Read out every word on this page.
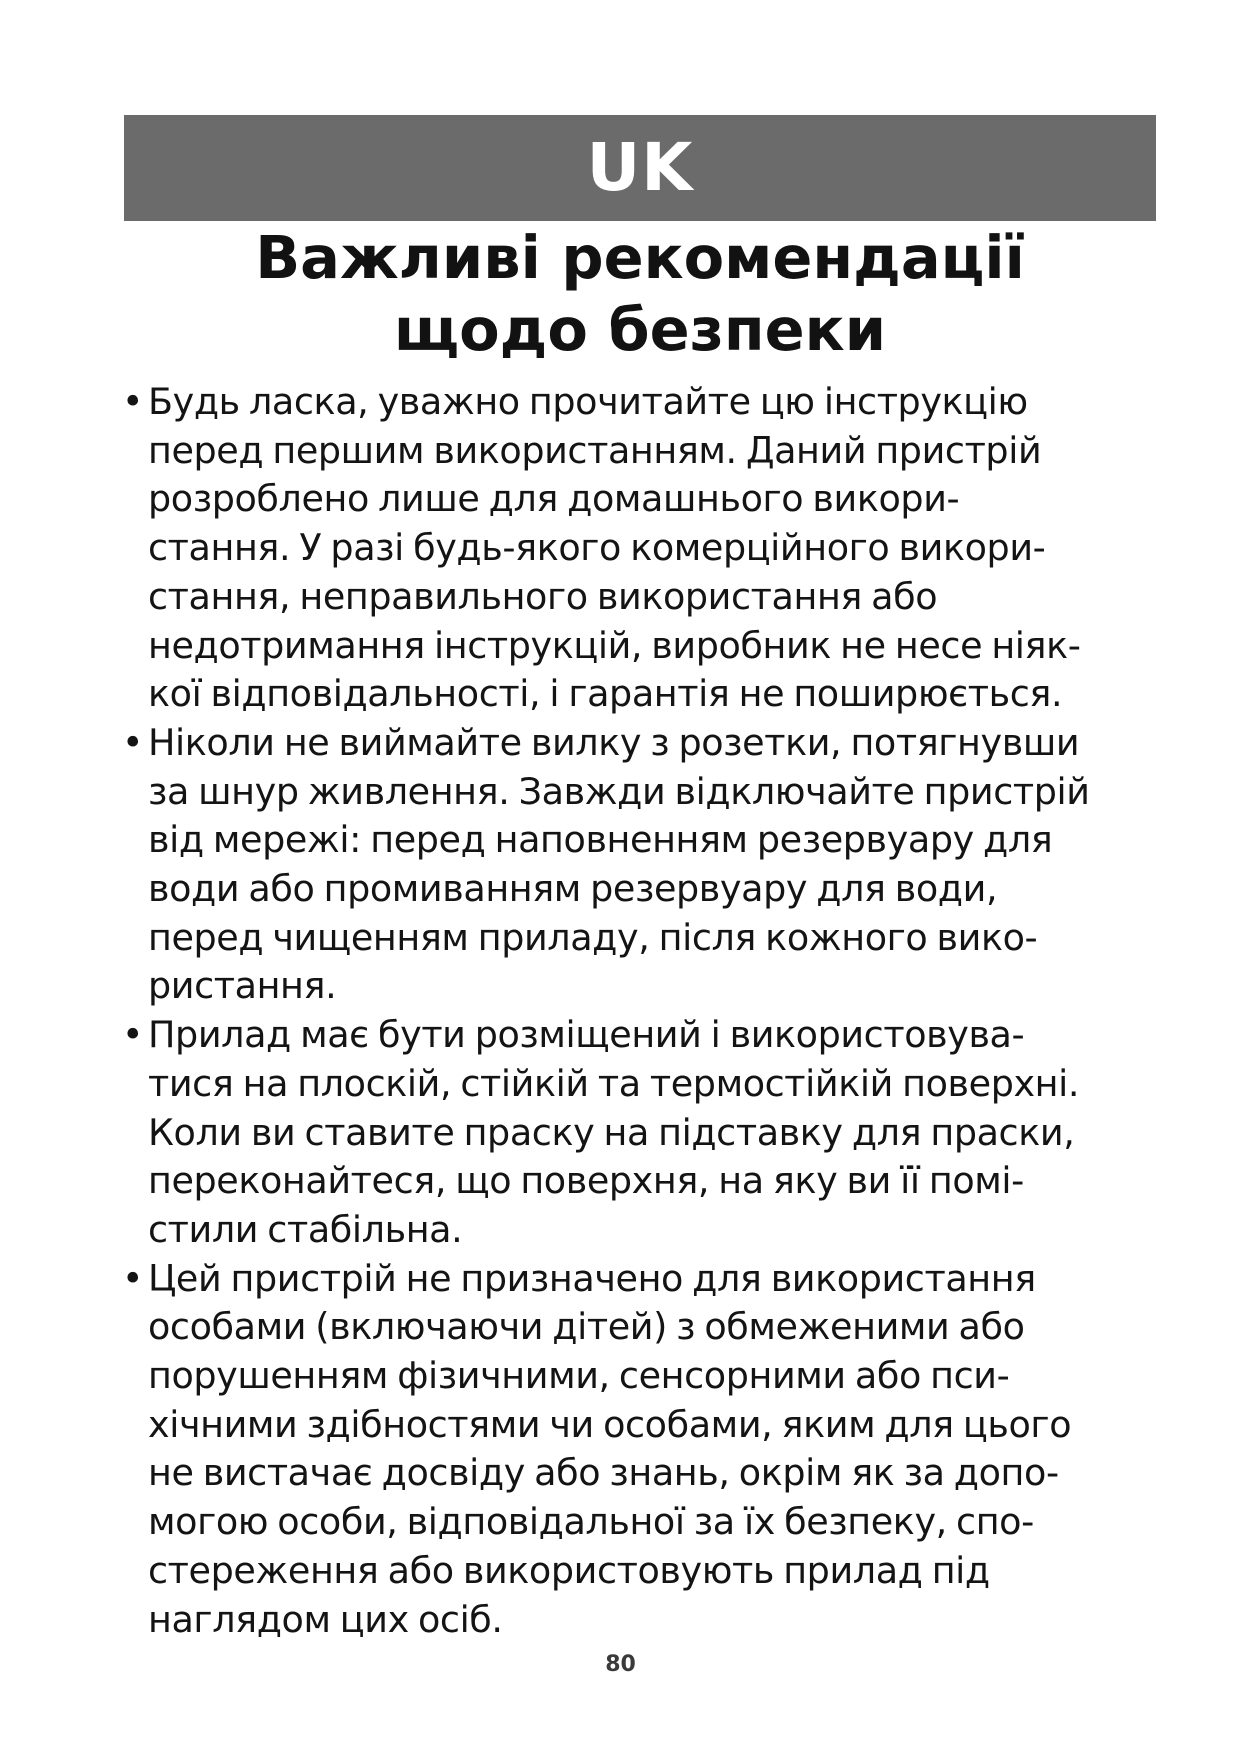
UK
Важливі рекомендації
щодо безпеки
• Будь ласка, уважно прочитайте цю інструкцію
перед першим використанням. Даний пристрій
розроблено лише для домашнього викори-
стання. У разі будь-якого комерційного викори-
стання, неправильного використання або
недотримання інструкцій, виробник не несе ніяк-
кої відповідальності, і гарантія не поширюється.
• Ніколи не виймайте вилку з розетки, потягнувши
за шнур живлення. Завжди відключайте пристрій
від мережі: перед наповненням резервуару для
води або промиванням резервуару для води,
перед чищенням приладу, після кожного вико-
ристання.
• Прилад має бути розміщений і використовува-
тися на плоскій, стійкій та термостійкій поверхні.
Коли ви ставите праску на підставку для праски,
переконайтеся, що поверхня, на яку ви її помі-
стили стабільна.
• Цей пристрій не призначено для використання
особами (включаючи дітей) з обмеженими або
порушенням фізичними, сенсорними або пси-
хічними здібностями чи особами, яким для цього
не вистачає досвіду або знань, окрім як за допо-
могою особи, відповідальної за їх безпеку, спо-
стереження або використовують прилад під
наглядом цих осіб.
80
